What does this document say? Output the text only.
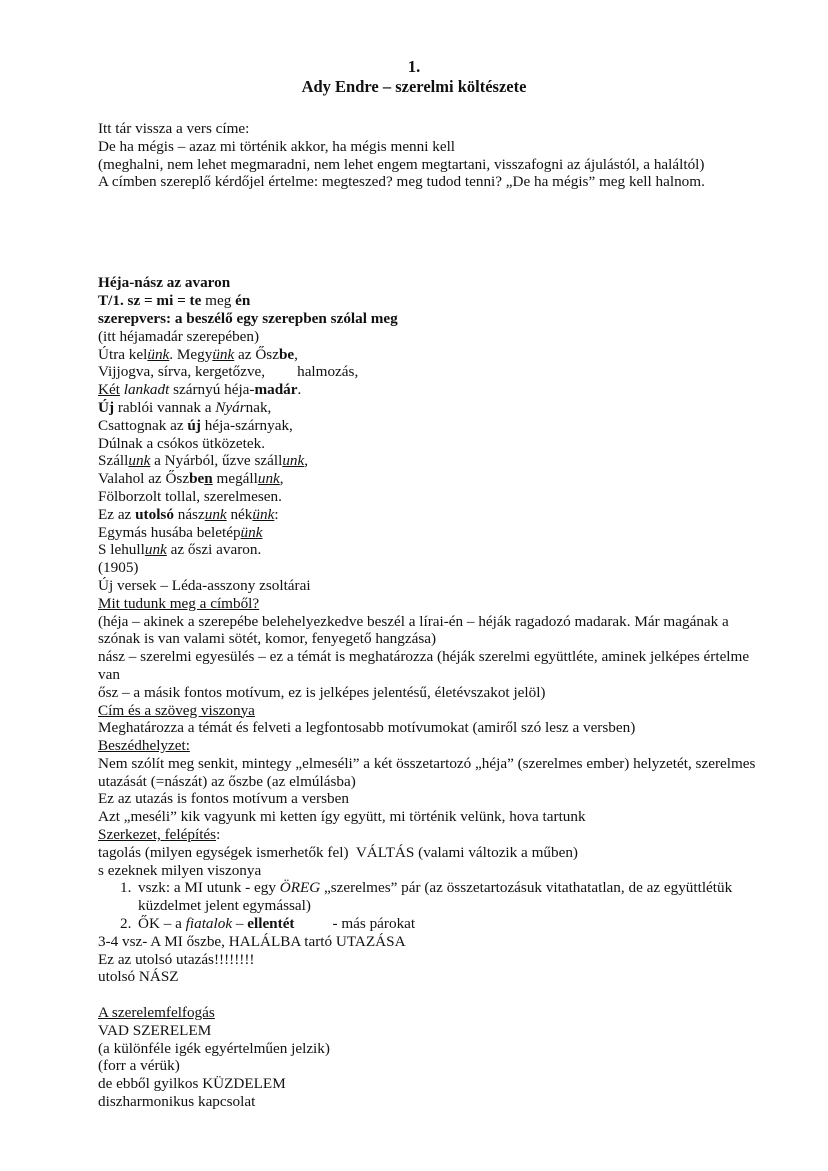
1.
Ady Endre – szerelmi költészete
Itt tár vissza a vers címe:
De ha mégis – azaz mi történik akkor, ha mégis menni kell
(meghalni, nem lehet megmaradni, nem lehet engem megtartani, visszafogni az ájulástól, a haláltól)
A címben szereplő kérdőjel értelme: megteszed? meg tudod tenni? „De ha mégis” meg kell halnom.
Héja-nász az avaron
T/1. sz = mi = te meg én
szerepvers: a beszélő egy szerepben szólal meg
(itt héjamadár szerepében)
Útra kelünk. Megyünk az Őszbe,
Vijjogva, sírva, kergetőzve, halmozás,
Két lankadt szárnyú héja-madár.
Új rablói vannak a Nyárnak,
Csattognak az új héja-szárnyak,
Dúlnak a csókos ütközetek.
Szállunk a Nyárból, űzve szállunk,
Valahol az Őszben megállunk,
Fölborzolt tollal, szerelmesen.
Ez az utolsó nászunk nékünk:
Egymás husába beletépünk
S lehullunk az őszi avaron.
(1905)
Új versek – Léda-asszony zsoltárai
Mit tudunk meg a címből?
(héja – akinek a szerepébe belehelyezkedve beszél a lírai-én – héják ragadozó madarak. Már magának a szónak is van valami sötét, komor, fenyegető hangzása)
nász – szerelmi egyesülés – ez a témát is meghatározza (héják szerelmi együttléte, aminek jelképes értelme van
ősz – a másik fontos motívum, ez is jelképes jelentésű, életévszakot jelöl)
Cím és a szöveg viszonya
Meghatározza a témát és felveti a legfontosabb motívumokat (amiről szó lesz a versben)
Beszédhelyzet:
Nem szólít meg senkit, mintegy „elmeséli” a két összetartozó „héja” (szerelmes ember) helyzetét, szerelmes utazását (=nászát) az őszbe (az elmúlásba)
Ez az utazás is fontos motívum a versben
Azt „meséli” kik vagyunk mi ketten így együtt, mi történik velünk, hova tartunk
Szerkezet, felépítés:
tagolás (milyen egységek ismerhetők fel)  VÁLTÁS (valami változik a műben)
s ezeknek milyen viszonya
1. vszk: a MI utunk - egy ÖREG „szerelmes” pár (az összetartozásuk vitathatatlan, de az együttlétük küzdelmet jelent egymással)
2. ŐK – a fiatalok – ellentét          - más párokat
3-4 vsz- A MI őszbe, HALÁLBA tartó UTAZÁSA
Ez az utolsó utazás!!!!!!!!
utolsó NÁSZ
A szerelemfelfogás
VAD SZERELEM
(a különféle igék egyértelműen jelzik)
(forr a vérük)
de ebből gyilkos KÜZDELEM
diszharmonikus kapcsolat
